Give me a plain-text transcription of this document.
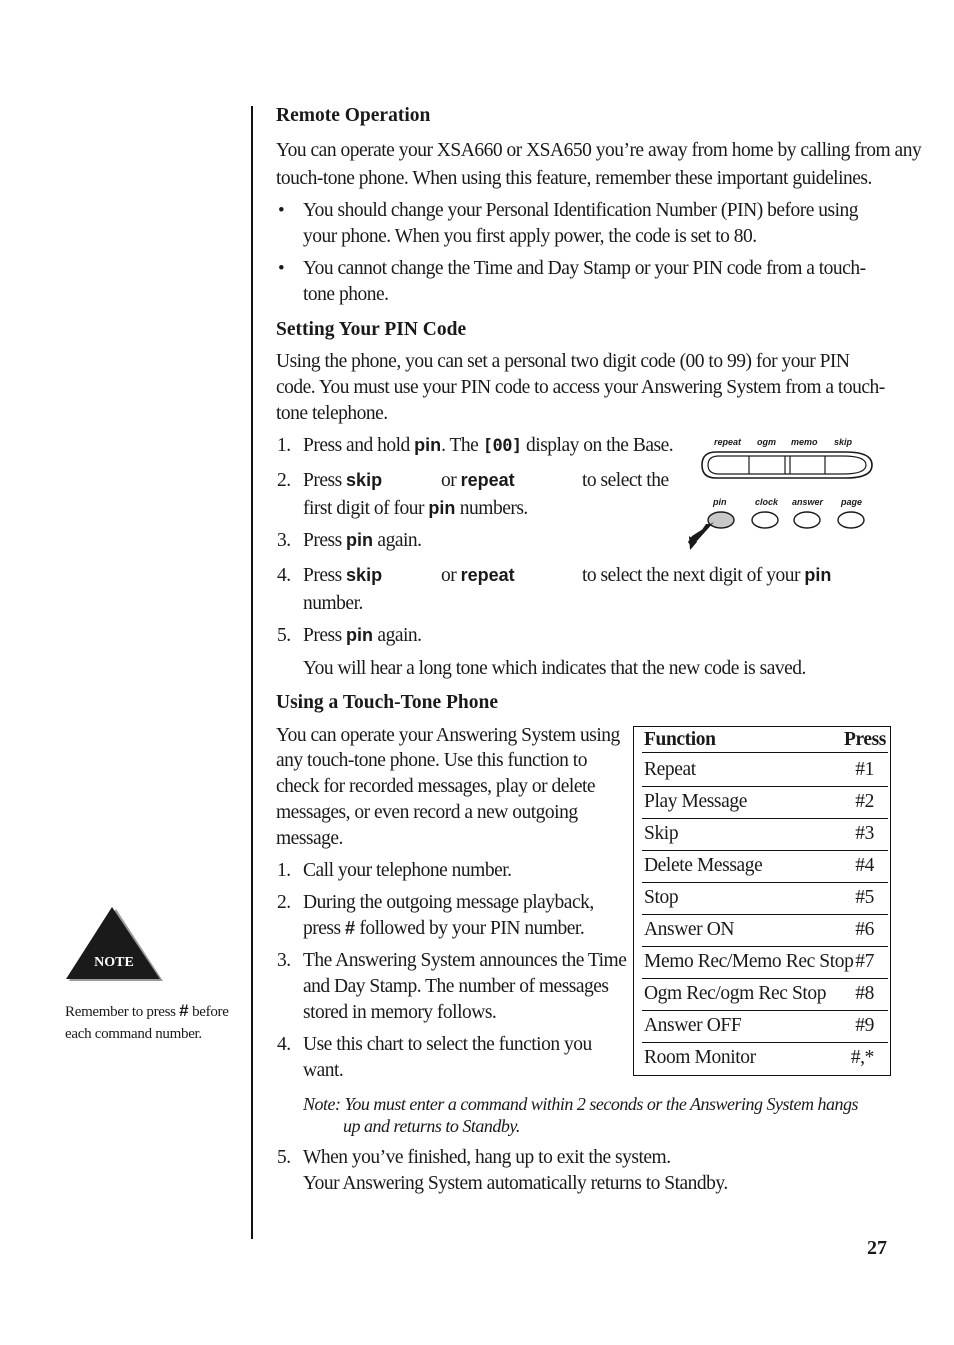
Remote Operation
You can operate your XSA660 or XSA650 you’re away from home by calling from any
touch-tone phone. When using this feature, remember these important guidelines.
• You should change your Personal Identification Number (PIN) before using
your phone. When you first apply power, the code is set to 80.
• You cannot change the Time and Day Stamp or your PIN code from a touch-
tone phone.
Setting Your PIN Code
Using the phone, you can set a personal two digit code (00 to 99) for your PIN
code. You must use your PIN code to access your Answering System from a touch-
tone telephone.
1. Press and hold pin. The [00] display on the Base.
2. Press skip	or repeat	to select the
first digit of four pin numbers.
3. Press pin again.
4. Press skip	or repeat	to select the next digit of your pin
number.
5. Press pin again.
You will hear a long tone which indicates that the new code is saved.
repeat ogm memo skip
pin	clock answer page
Using a Touch-Tone Phone
You can operate your Answering System using
any touch-tone phone. Use this function to
check for recorded messages, play or delete
messages, or even record a new outgoing
message.
1. Call your telephone number.
2. During the outgoing message playback,
press # followed by your PIN number.
3. The Answering System announces the Time
and Day Stamp. The number of messages
stored in memory follows.
4. Use this chart to select the function you
want.
Note: You must enter a command within 2 seconds or the Answering System hangs
up and returns to Standby.
5. When you’ve finished, hang up to exit the system.
Your Answering System automatically returns to Standby.
Function	Press
Repeat	#1
Play Message	#2
Skip	#3
Delete Message	#4
Stop	#5
Answer ON	#6
Memo Rec/Memo Rec Stop #7
Ogm Rec/ogm Rec Stop #8
Answer OFF	#9
Room Monitor	#,*
NOTE
Remember to press # before
each command number.
27
